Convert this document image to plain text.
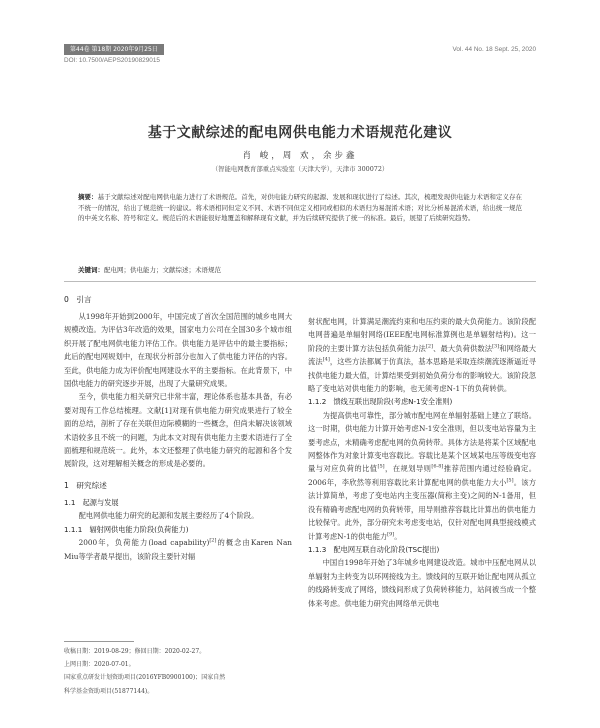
第44卷 第18期 2020年9月25日	Vol. 44 No. 18 Sept. 25, 2020
DOI: 10.7500/AEPS20190829015
基于文献综述的配电网供电能力术语规范化建议
肖 峻，周 欢，余步鑫
（智能电网教育部重点实验室（天津大学），天津市 300072）
摘要：基于文献综述对配电网供电能力进行了术语规范。首先，对供电能力研究的起源、发展和现状进行了综述。其次，梳理发现供电能力术语和定义存在不统一的情况，给出了规范统一的建议。将术语相同但定义不同、术语不同但定义相同或相似的术语归为易混淆术语；对比分析易混淆术语，给出统一规范的中英文名称、符号和定义。规范后的术语能很好地覆盖和解释现有文献，并为后续研究提供了统一的标准。最后，展望了后续研究趋势。
关键词：配电网；供电能力；文献综述；术语规范
0　引言

从1998年开始到2000年，中国完成了首次全国范围的城乡电网大规模改造。为评估3年改造的效果，国家电力公司在全国30多个城市组织开展了配电网供电能力评估工作。供电能力是评估中的最主要指标；此后的配电网规划中，在现状分析部分也加入了供电能力评估的内容。至此，供电能力成为评价配电网建设水平的主要指标。在此背景下，中国供电能力的研究逐步开展，出现了大量研究成果。

至今，供电能力相关研究已非常丰富，理论体系也基本具备，有必要对现有工作总结梳理。文献[1]对现有供电能力研究成果进行了较全面的总结，剖析了存在关联但边际模糊的一些概念，但尚未解决该领域术语较多且不统一的问题，为此本文对现有供电能力主要术语进行了全面梳理和规范统一。此外，本文还整理了供电能力研究的起源和各个发展阶段，这对理解相关概念的形成是必要的。

1　研究综述
1.1　起源与发展

配电网供电能力研究的起源和发展主要经历了4个阶段。

1.1.1　辐射网供电能力阶段(负荷能力)

2000年，负荷能力(load capability)[2]的概念由Karen Nan Miu等学者最早提出，该阶段主要针对辐

射状配电网，计算满足潮流约束和电压约束的最大负荷能力。该阶段配电网普遍是单辐射网络(IEEE配电网标准算例也是单辐射结构)。这一阶段的主要计算方法包括负荷能力法[2]、最大负荷供数法[3]和网络最大流法[4]，这些方法都属于仿真法，基本思路是采取连续潮流逐渐逼近寻找供电能力最大值，计算结果受到初始负荷分布的影响较大。该阶段忽略了变电站对供电能力的影响，也无须考虑N-1下的负荷转供。

1.1.2　馈线互联出现阶段(考虑N-1安全准则)

为提高供电可靠性，部分城市配电网在单辐射基础上建立了联络。这一时期，供电能力计算开始考虑N-1安全准则，但以变电站容量为主要考虑点，未精确考虑配电网的负荷转带。具体方法是将某个区域配电网整体作为对象计算变电容载比。容载比是某个区域某电压等级变电容量与对应负荷的比值[5]，在规划导则[6-8]推荐范围内通过经验确定。2006年，李欣然等利用容载比来计算配电网的供电能力大小[5]。该方法计算简单，考虑了变电站内主变压器(简称主变)之间的N-1备用，但没有精确考虑配电网的负荷转带，用导则推荐容载比计算出的供电能力比较保守。此外，部分研究未考虑变电站，仅针对配电网典型接线模式计算考虑N-1的供电能力[9]。

1.1.3　配电网互联自动化阶段(TSC提出)

中国自1998年开始了3年城乡电网建设改造。城市中压配电网从以单辐射为主转变为以环网接线为主。馈线间的互联开始让配电网从孤立的线路转变成了网络，馈线间形成了负荷转移能力，站间被当成一个整体来考虑。供电能力研究由网络单元供电

收稿日期：2019-08-29；修回日期：2020-02-27。
上网日期：2020-07-01。
国家重点研发计划资助项目(2016YFB0900100)；国家自然
科学基金资助项目(51877144)。
